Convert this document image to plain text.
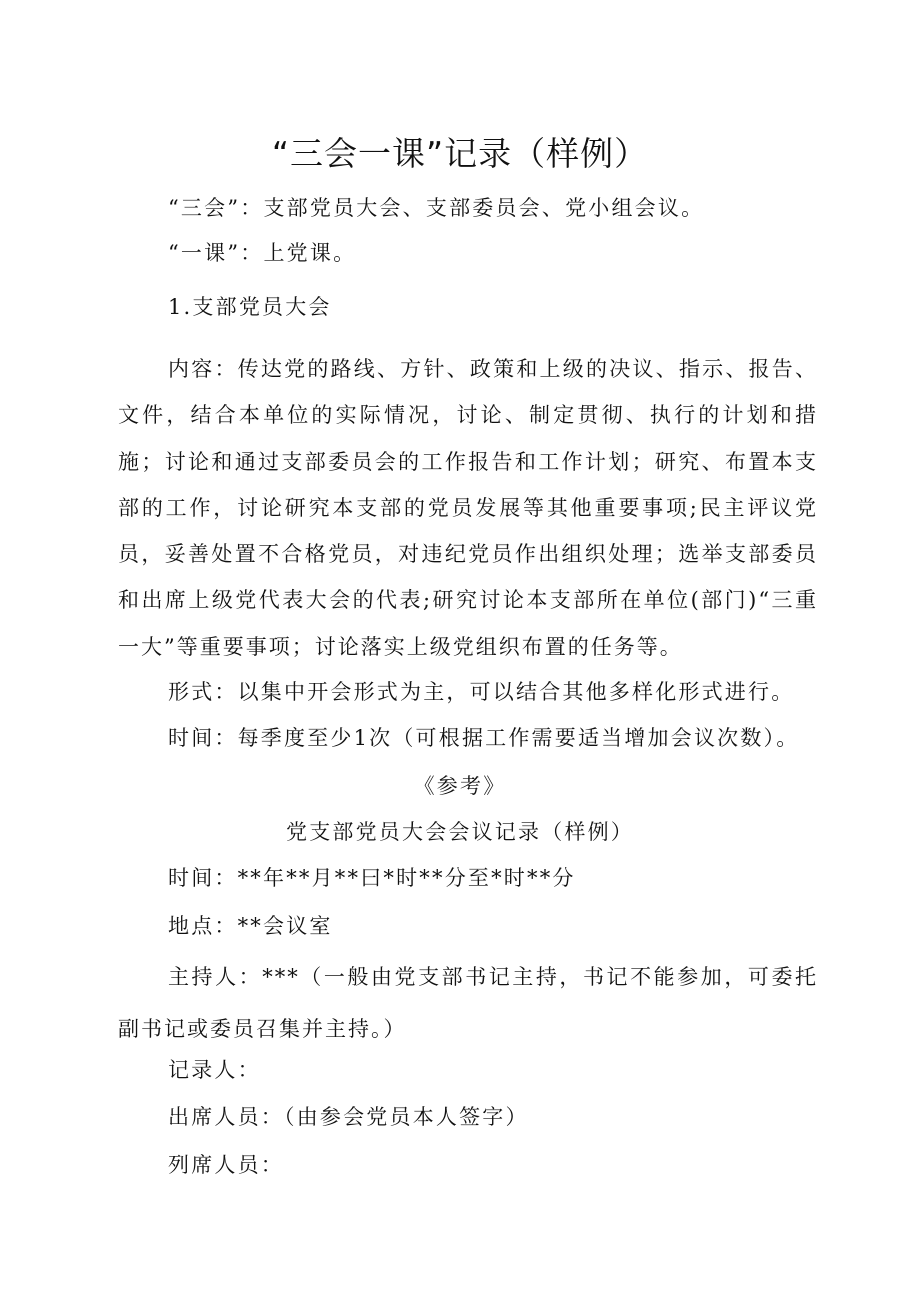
“三会一课”记录（样例）
“三会”：支部党员大会、支部委员会、党小组会议。
“一课”：上党课。
1.支部党员大会
内容：传达党的路线、方针、政策和上级的决议、指示、报告、文件，结合本单位的实际情况，讨论、制定贯彻、执行的计划和措施；讨论和通过支部委员会的工作报告和工作计划；研究、布置本支部的工作，讨论研究本支部的党员发展等其他重要事项;民主评议党员，妥善处置不合格党员，对违纪党员作出组织处理；选举支部委员和出席上级党代表大会的代表;研究讨论本支部所在单位(部门)“三重一大”等重要事项；讨论落实上级党组织布置的任务等。
形式：以集中开会形式为主，可以结合其他多样化形式进行。
时间：每季度至少1次（可根据工作需要适当增加会议次数）。
《参考》
党支部党员大会会议记录（样例）
时间：**年**月**曰*时**分至*时**分
地点：**会议室
主持人：***（一般由党支部书记主持，书记不能参加，可委托副书记或委员召集并主持。）
记录人：
出席人员：（由参会党员本人签字）
列席人员：
